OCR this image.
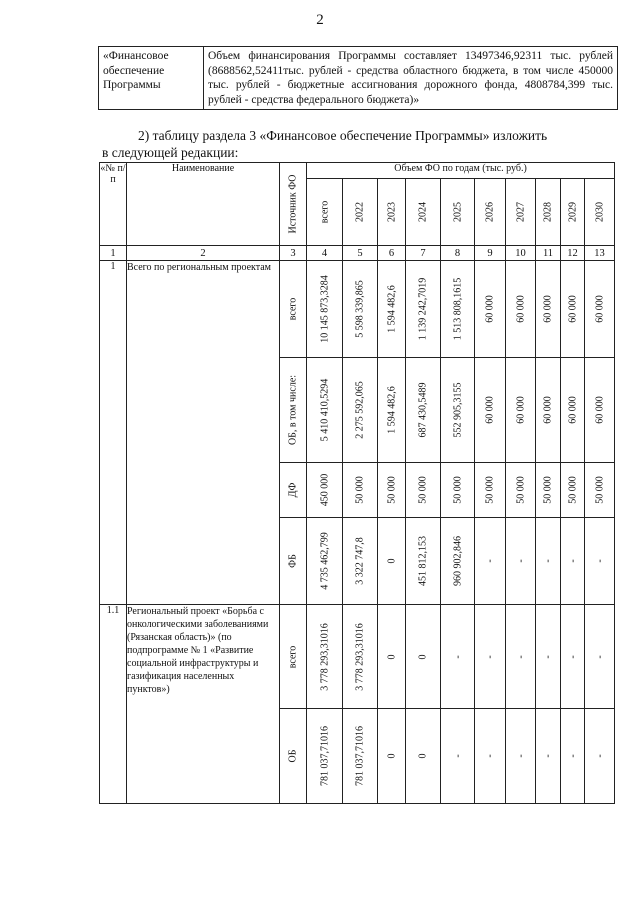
2
«Финансовое обеспечение Программы	Объем финансирования Программы составляет 13497346,92311 тыс. рублей (8688562,52411тыс. рублей - средства областного бюджета, в том числе 450000 тыс. рублей - бюджетные ассигнования дорожного фонда, 4808784,399 тыс. рублей - средства федерального бюджета)»
2) таблицу раздела 3 «Финансовое обеспечение Программы» изложить
в следующей редакции:
«№ п/п	Наименование	Источник ФО	Объем ФО по годам (тыс. руб.)									

			всего	2022	2023	2024	2025	2026	2027	2028	2029	2030

1	2	3	4	5	6	7	8	9	10	11	12	13
1	Всего по региональным проектам	всего	10 145 873,3284	5 598 339,865	1 594 482,6	1 139 242,7019	1 513 808,1615	60 000	60 000	60 000	60 000	60 000

		ОБ, в том числе:	5 410 410,5294	2 275 592,065	1 594 482,6	687 430,5489	552 905,3155	60 000	60 000	60 000	60 000	60 000

		ДФ	450 000	50 000	50 000	50 000	50 000	50 000	50 000	50 000	50 000	50 000

		ФБ	4 735 462,799	3 322 747,8	0	451 812,153	960 902,846	-	-	-	-	-

1.1	Региональный проект «Борьба с онкологическими заболеваниями (Рязанская область)» (по подпрограмме № 1 «Развитие социальной инфраструктуры и газификация населенных пунктов»)	всего	3 778 293,31016	3 778 293,31016	0	0	-	-	-	-	-	-

		ОБ	781 037,71016	781 037,71016	0	0	-	-	-	-	-	-
